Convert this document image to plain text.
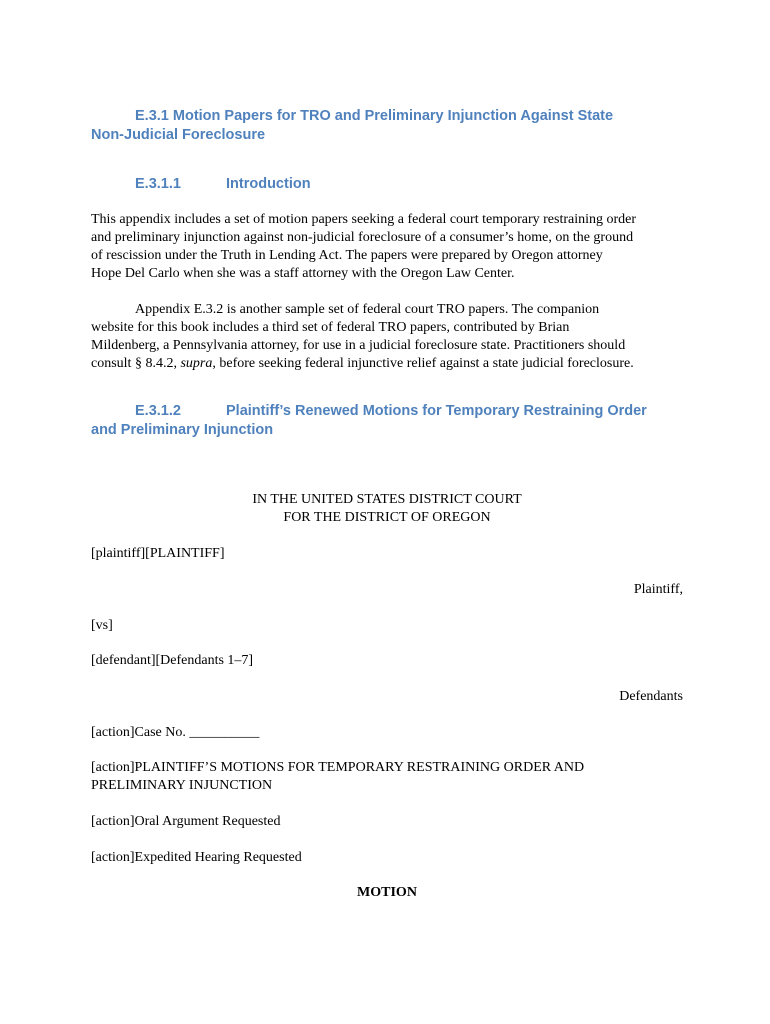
E.3.1 Motion Papers for TRO and Preliminary Injunction Against State
Non-Judicial Foreclosure
E.3.1.1	Introduction
This appendix includes a set of motion papers seeking a federal court temporary restraining order
and preliminary injunction against non-judicial foreclosure of a consumer’s home, on the ground
of rescission under the Truth in Lending Act. The papers were prepared by Oregon attorney
Hope Del Carlo when she was a staff attorney with the Oregon Law Center.
Appendix E.3.2 is another sample set of federal court TRO papers. The companion
website for this book includes a third set of federal TRO papers, contributed by Brian
Mildenberg, a Pennsylvania attorney, for use in a judicial foreclosure state. Practitioners should
consult § 8.4.2, supra, before seeking federal injunctive relief against a state judicial foreclosure.
E.3.1.2	Plaintiff’s Renewed Motions for Temporary Restraining Order
and Preliminary Injunction
IN THE UNITED STATES DISTRICT COURT
FOR THE DISTRICT OF OREGON
[plaintiff][PLAINTIFF]
Plaintiff,
[vs]
[defendant][Defendants 1–7]
Defendants
[action]Case No. __________
[action]PLAINTIFF’S MOTIONS FOR TEMPORARY RESTRAINING ORDER AND
PRELIMINARY INJUNCTION
[action]Oral Argument Requested
[action]Expedited Hearing Requested
MOTION
